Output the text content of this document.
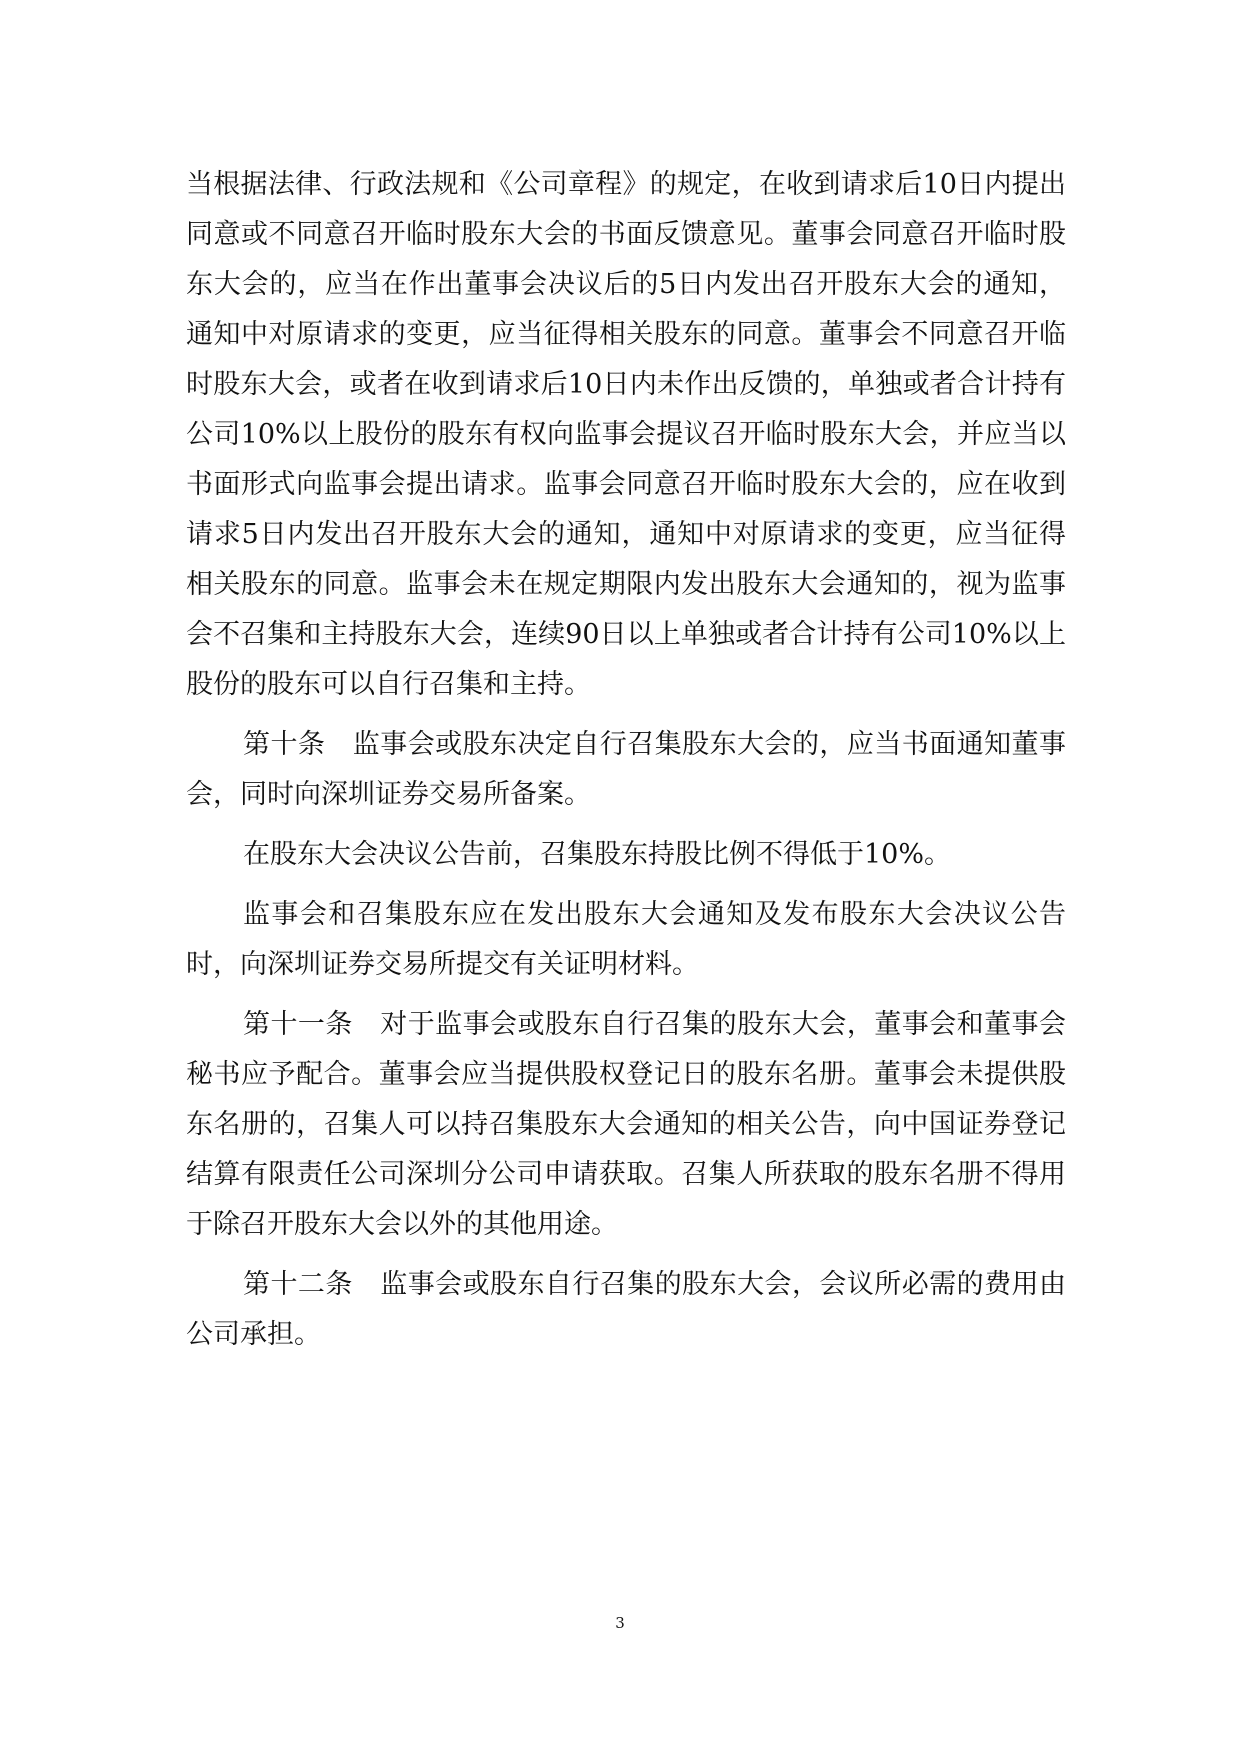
当根据法律、行政法规和《公司章程》的规定，在收到请求后10日内提出同意或不同意召开临时股东大会的书面反馈意见。董事会同意召开临时股东大会的，应当在作出董事会决议后的5日内发出召开股东大会的通知，通知中对原请求的变更，应当征得相关股东的同意。董事会不同意召开临时股东大会，或者在收到请求后10日内未作出反馈的，单独或者合计持有公司10%以上股份的股东有权向监事会提议召开临时股东大会，并应当以书面形式向监事会提出请求。监事会同意召开临时股东大会的，应在收到请求5日内发出召开股东大会的通知，通知中对原请求的变更，应当征得相关股东的同意。监事会未在规定期限内发出股东大会通知的，视为监事会不召集和主持股东大会，连续90日以上单独或者合计持有公司10%以上股份的股东可以自行召集和主持。

第十条　监事会或股东决定自行召集股东大会的，应当书面通知董事会，同时向深圳证券交易所备案。

在股东大会决议公告前，召集股东持股比例不得低于10%。

监事会和召集股东应在发出股东大会通知及发布股东大会决议公告时，向深圳证券交易所提交有关证明材料。

第十一条　对于监事会或股东自行召集的股东大会，董事会和董事会秘书应予配合。董事会应当提供股权登记日的股东名册。董事会未提供股东名册的，召集人可以持召集股东大会通知的相关公告，向中国证券登记结算有限责任公司深圳分公司申请获取。召集人所获取的股东名册不得用于除召开股东大会以外的其他用途。

第十二条　监事会或股东自行召集的股东大会，会议所必需的费用由公司承担。

3
